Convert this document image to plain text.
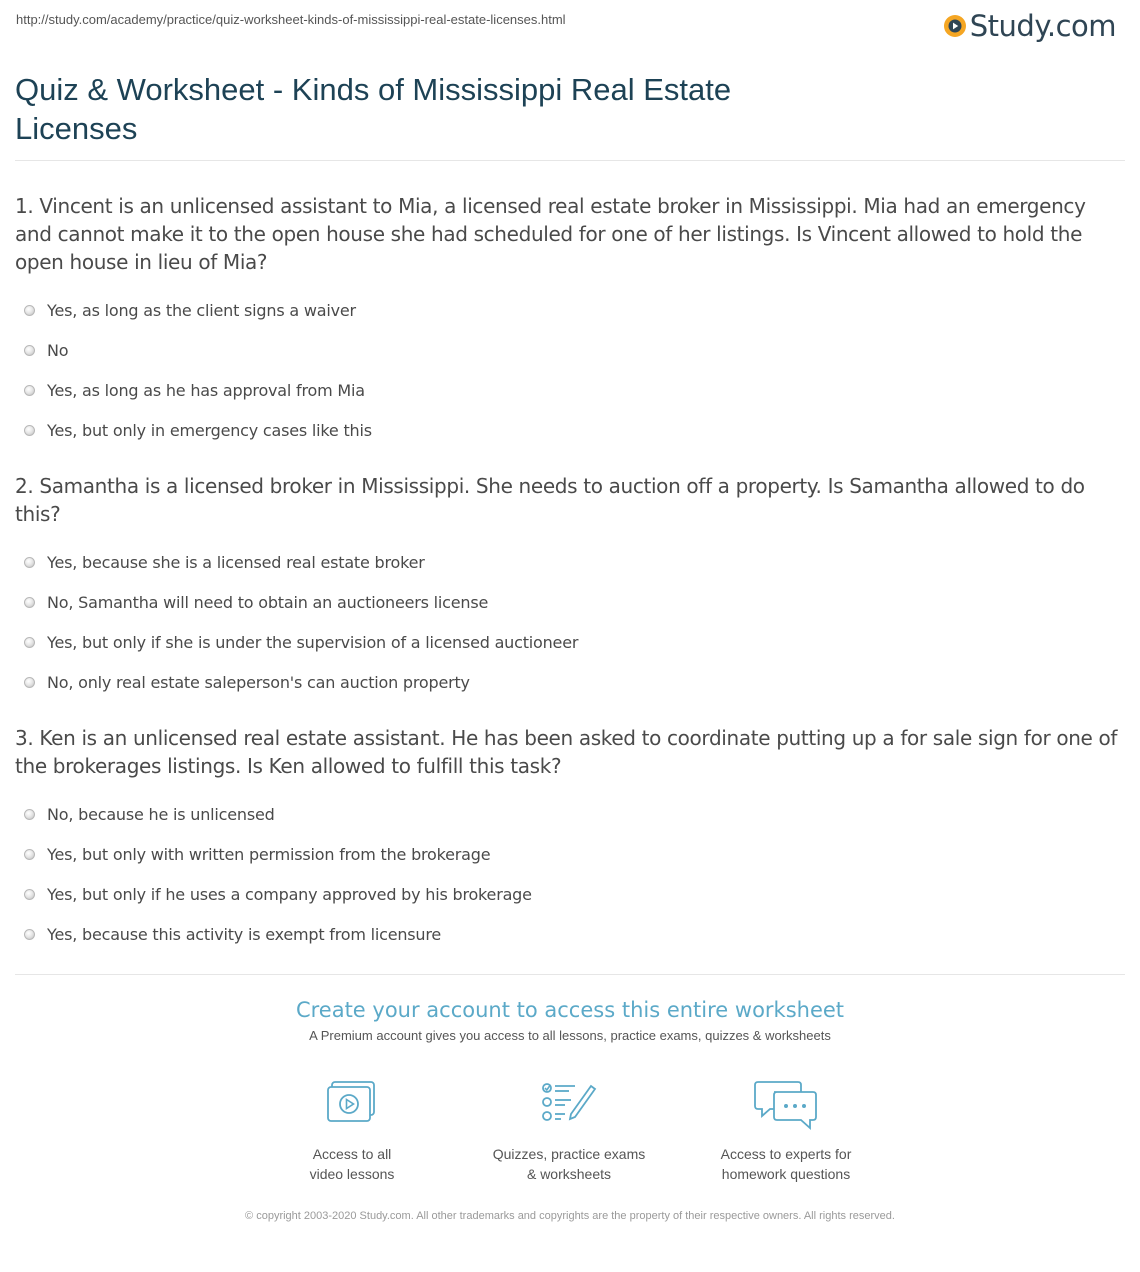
http://study.com/academy/practice/quiz-worksheet-kinds-of-mississippi-real-estate-licenses.html	Study.com
Quiz & Worksheet - Kinds of Mississippi Real Estate Licenses
1. Vincent is an unlicensed assistant to Mia, a licensed real estate broker in Mississippi. Mia had an emergency and cannot make it to the open house she had scheduled for one of her listings. Is Vincent allowed to hold the open house in lieu of Mia?
Yes, as long as the client signs a waiver
No
Yes, as long as he has approval from Mia
Yes, but only in emergency cases like this
2. Samantha is a licensed broker in Mississippi. She needs to auction off a property. Is Samantha allowed to do this?
Yes, because she is a licensed real estate broker
No, Samantha will need to obtain an auctioneers license
Yes, but only if she is under the supervision of a licensed auctioneer
No, only real estate saleperson's can auction property
3. Ken is an unlicensed real estate assistant. He has been asked to coordinate putting up a for sale sign for one of the brokerages listings. Is Ken allowed to fulfill this task?
No, because he is unlicensed
Yes, but only with written permission from the brokerage
Yes, but only if he uses a company approved by his brokerage
Yes, because this activity is exempt from licensure
Create your account to access this entire worksheet
A Premium account gives you access to all lessons, practice exams, quizzes & worksheets
Access to all
video lessons
Quizzes, practice exams
& worksheets
Access to experts for
homework questions
© copyright 2003-2020 Study.com. All other trademarks and copyrights are the property of their respective owners. All rights reserved.
